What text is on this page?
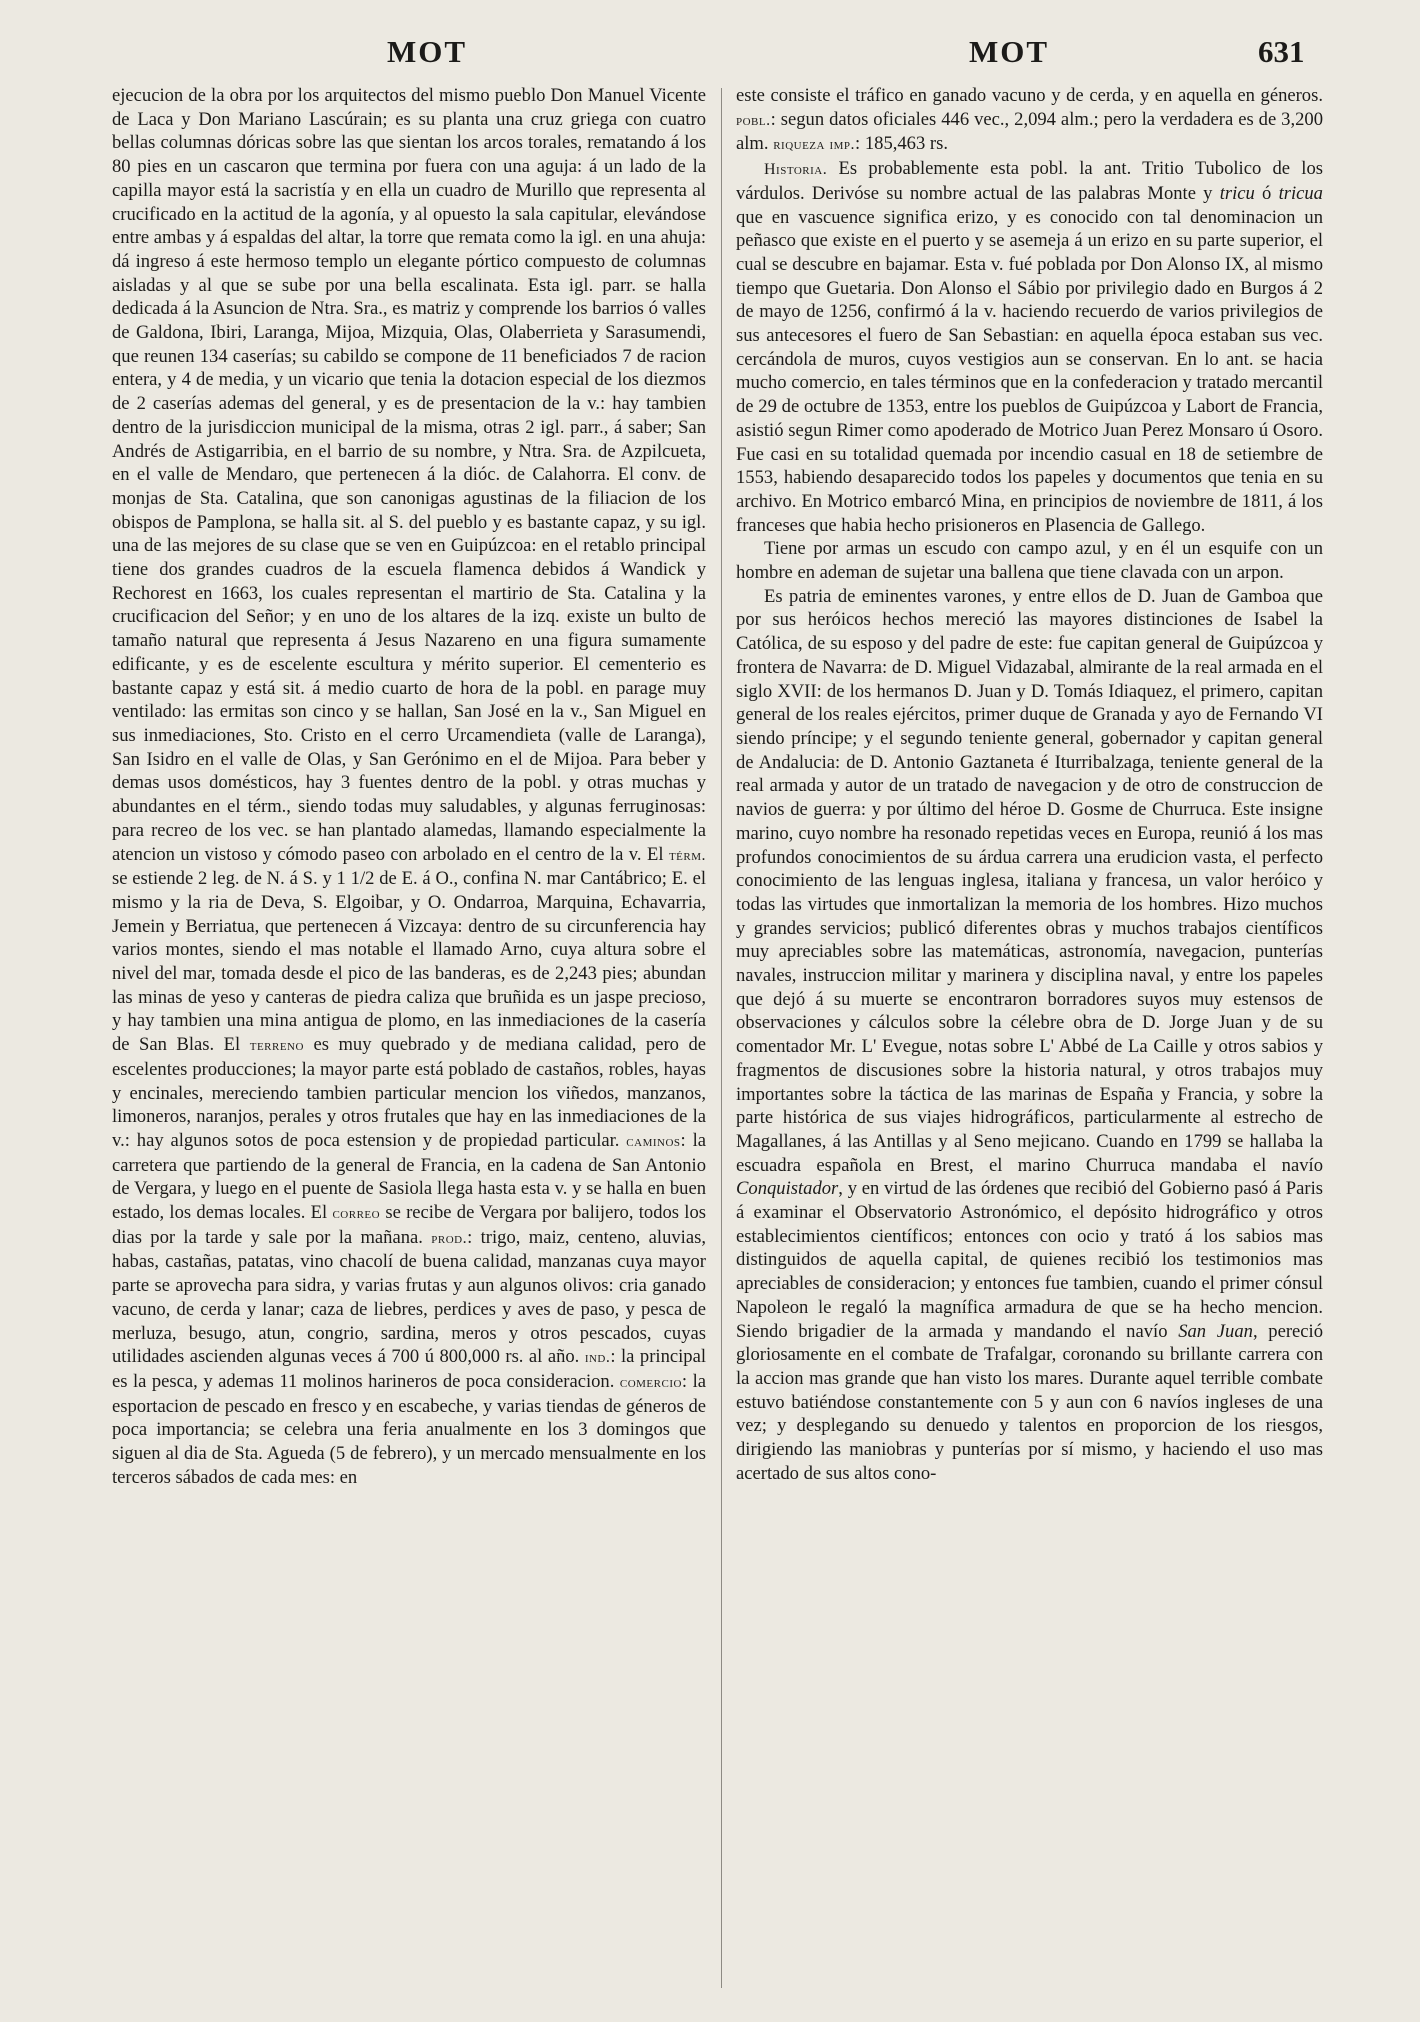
MOT	MOT	631

ejecucion de la obra por los arquitectos del mismo pueblo Don Manuel Vicente de Laca y Don Mariano Lascúrain; es su planta una cruz griega con cuatro bellas columnas dóricas sobre las que sientan los arcos torales, rematando á los 80 pies en un cascaron que termina por fuera con una aguja: á un lado de la capilla mayor está la sacristía y en ella un cuadro de Murillo que representa al crucificado en la actitud de la agonía, y al opuesto la sala capitular, elevándose entre ambas y á espaldas del altar, la torre que remata como la igl. en una ahuja: dá ingreso á este hermoso templo un elegante pórtico compuesto de columnas aisladas y al que se sube por una bella escalinata. Esta igl. parr. se halla dedicada á la Asuncion de Ntra. Sra., es matriz y comprende los barrios ó valles de Galdona, Ibiri, Laranga, Mijoa, Mizquia, Olas, Olaberrieta y Sarasumendi, que reunen 134 caserías; su cabildo se compone de 11 beneficiados 7 de racion entera, y 4 de media, y un vicario que tenia la dotacion especial de los diezmos de 2 caserías ademas del general, y es de presentacion de la v.: hay tambien dentro de la jurisdiccion municipal de la misma, otras 2 igl. parr., á saber; San Andrés de Astigarribia, en el barrio de su nombre, y Ntra. Sra. de Azpilcueta, en el valle de Mendaro, que pertenecen á la dióc. de Calahorra. El conv. de monjas de Sta. Catalina, que son canonigas agustinas de la filiacion de los obispos de Pamplona, se halla sit. al S. del pueblo y es bastante capaz, y su igl. una de las mejores de su clase que se ven en Guipúzcoa: en el retablo principal tiene dos grandes cuadros de la escuela flamenca debidos á Wandick y Rechorest en 1663, los cuales representan el martirio de Sta. Catalina y la crucificacion del Señor; y en uno de los altares de la izq. existe un bulto de tamaño natural que representa á Jesus Nazareno en una figura sumamente edificante, y es de escelente escultura y mérito superior. El cementerio es bastante capaz y está sit. á medio cuarto de hora de la pobl. en parage muy ventilado: las ermitas son cinco y se hallan, San José en la v., San Miguel en sus inmediaciones, Sto. Cristo en el cerro Urcamendieta (valle de Laranga), San Isidro en el valle de Olas, y San Gerónimo en el de Mijoa. Para beber y demas usos domésticos, hay 3 fuentes dentro de la pobl. y otras muchas y abundantes en el térm., siendo todas muy saludables, y algunas ferruginosas: para recreo de los vec. se han plantado alamedas, llamando especialmente la atencion un vistoso y cómodo paseo con arbolado en el centro de la v. El térm. se estiende 2 leg. de N. á S. y 1 1/2 de E. á O., confina N. mar Cantábrico; E. el mismo y la ria de Deva, S. Elgoibar, y O. Ondarroa, Marquina, Echavarria, Jemein y Berriatua, que pertenecen á Vizcaya: dentro de su circunferencia hay varios montes, siendo el mas notable el llamado Arno, cuya altura sobre el nivel del mar, tomada desde el pico de las banderas, es de 2,243 pies; abundan las minas de yeso y canteras de piedra caliza que bruñida es un jaspe precioso, y hay tambien una mina antigua de plomo, en las inmediaciones de la casería de San Blas. El terreno es muy quebrado y de mediana calidad, pero de escelentes producciones; la mayor parte está poblado de castaños, robles, hayas y encinales, mereciendo tambien particular mencion los viñedos, manzanos, limoneros, naranjos, perales y otros frutales que hay en las inmediaciones de la v.: hay algunos sotos de poca estension y de propiedad particular. caminos: la carretera que partiendo de la general de Francia, en la cadena de San Antonio de Vergara, y luego en el puente de Sasiola llega hasta esta v. y se halla en buen estado, los demas locales. El correo se recibe de Vergara por balijero, todos los dias por la tarde y sale por la mañana. prod.: trigo, maiz, centeno, aluvias, habas, castañas, patatas, vino chacolí de buena calidad, manzanas cuya mayor parte se aprovecha para sidra, y varias frutas y aun algunos olivos: cria ganado vacuno, de cerda y lanar; caza de liebres, perdices y aves de paso, y pesca de merluza, besugo, atun, congrio, sardina, meros y otros pescados, cuyas utilidades ascienden algunas veces á 700 ú 800,000 rs. al año. ind.: la principal es la pesca, y ademas 11 molinos harineros de poca consideracion. comercio: la esportacion de pescado en fresco y en escabeche, y varias tiendas de géneros de poca importancia; se celebra una feria anualmente en los 3 domingos que siguen al dia de Sta. Agueda (5 de febrero), y un mercado mensualmente en los terceros sábados de cada mes: en

este consiste el tráfico en ganado vacuno y de cerda, y en aquella en géneros. pobl.: segun datos oficiales 446 vec., 2,094 alm.; pero la verdadera es de 3,200 alm. riqueza imp.: 185,463 rs.

Historia. Es probablemente esta pobl. la ant. Tritio Tubolico de los várdulos. Derivóse su nombre actual de las palabras Monte y tricu ó tricua que en vascuence significa erizo, y es conocido con tal denominacion un peñasco que existe en el puerto y se asemeja á un erizo en su parte superior, el cual se descubre en bajamar. Esta v. fué poblada por Don Alonso IX, al mismo tiempo que Guetaria. Don Alonso el Sábio por privilegio dado en Burgos á 2 de mayo de 1256, confirmó á la v. haciendo recuerdo de varios privilegios de sus antecesores el fuero de San Sebastian: en aquella época estaban sus vec. cercándola de muros, cuyos vestigios aun se conservan. En lo ant. se hacia mucho comercio, en tales términos que en la confederacion y tratado mercantil de 29 de octubre de 1353, entre los pueblos de Guipúzcoa y Labort de Francia, asistió segun Rimer como apoderado de Motrico Juan Perez Monsaro ú Osoro. Fue casi en su totalidad quemada por incendio casual en 18 de setiembre de 1553, habiendo desaparecido todos los papeles y documentos que tenia en su archivo. En Motrico embarcó Mina, en principios de noviembre de 1811, á los franceses que habia hecho prisioneros en Plasencia de Gallego.

Tiene por armas un escudo con campo azul, y en él un esquife con un hombre en ademan de sujetar una ballena que tiene clavada con un arpon.

Es patria de eminentes varones, y entre ellos de D. Juan de Gamboa que por sus heróicos hechos mereció las mayores distinciones de Isabel la Católica, de su esposo y del padre de este: fue capitan general de Guipúzcoa y frontera de Navarra: de D. Miguel Vidazabal, almirante de la real armada en el siglo XVII: de los hermanos D. Juan y D. Tomás Idiaquez, el primero, capitan general de los reales ejércitos, primer duque de Granada y ayo de Fernando VI siendo príncipe; y el segundo teniente general, gobernador y capitan general de Andalucia: de D. Antonio Gaztaneta é Iturribalzaga, teniente general de la real armada y autor de un tratado de navegacion y de otro de construccion de navios de guerra: y por último del héroe D. Gosme de Churruca. Este insigne marino, cuyo nombre ha resonado repetidas veces en Europa, reunió á los mas profundos conocimientos de su árdua carrera una erudicion vasta, el perfecto conocimiento de las lenguas inglesa, italiana y francesa, un valor heróico y todas las virtudes que inmortalizan la memoria de los hombres. Hizo muchos y grandes servicios; publicó diferentes obras y muchos trabajos científicos muy apreciables sobre las matemáticas, astronomía, navegacion, punterías navales, instruccion militar y marinera y disciplina naval, y entre los papeles que dejó á su muerte se encontraron borradores suyos muy estensos de observaciones y cálculos sobre la célebre obra de D. Jorge Juan y de su comentador Mr. L' Evegue, notas sobre L' Abbé de La Caille y otros sabios y fragmentos de discusiones sobre la historia natural, y otros trabajos muy importantes sobre la táctica de las marinas de España y Francia, y sobre la parte histórica de sus viajes hidrográficos, particularmente al estrecho de Magallanes, á las Antillas y al Seno mejicano. Cuando en 1799 se hallaba la escuadra española en Brest, el marino Churruca mandaba el navío Conquistador, y en virtud de las órdenes que recibió del Gobierno pasó á Paris á examinar el Observatorio Astronómico, el depósito hidrográfico y otros establecimientos científicos; entonces con ocio y trató á los sabios mas distinguidos de aquella capital, de quienes recibió los testimonios mas apreciables de consideracion; y entonces fue tambien, cuando el primer cónsul Napoleon le regaló la magnífica armadura de que se ha hecho mencion. Siendo brigadier de la armada y mandando el navío San Juan, pereció gloriosamente en el combate de Trafalgar, coronando su brillante carrera con la accion mas grande que han visto los mares. Durante aquel terrible combate estuvo batiéndose constantemente con 5 y aun con 6 navíos ingleses de una vez; y desplegando su denuedo y talentos en proporcion de los riesgos, dirigiendo las maniobras y punterías por sí mismo, y haciendo el uso mas acertado de sus altos cono-
